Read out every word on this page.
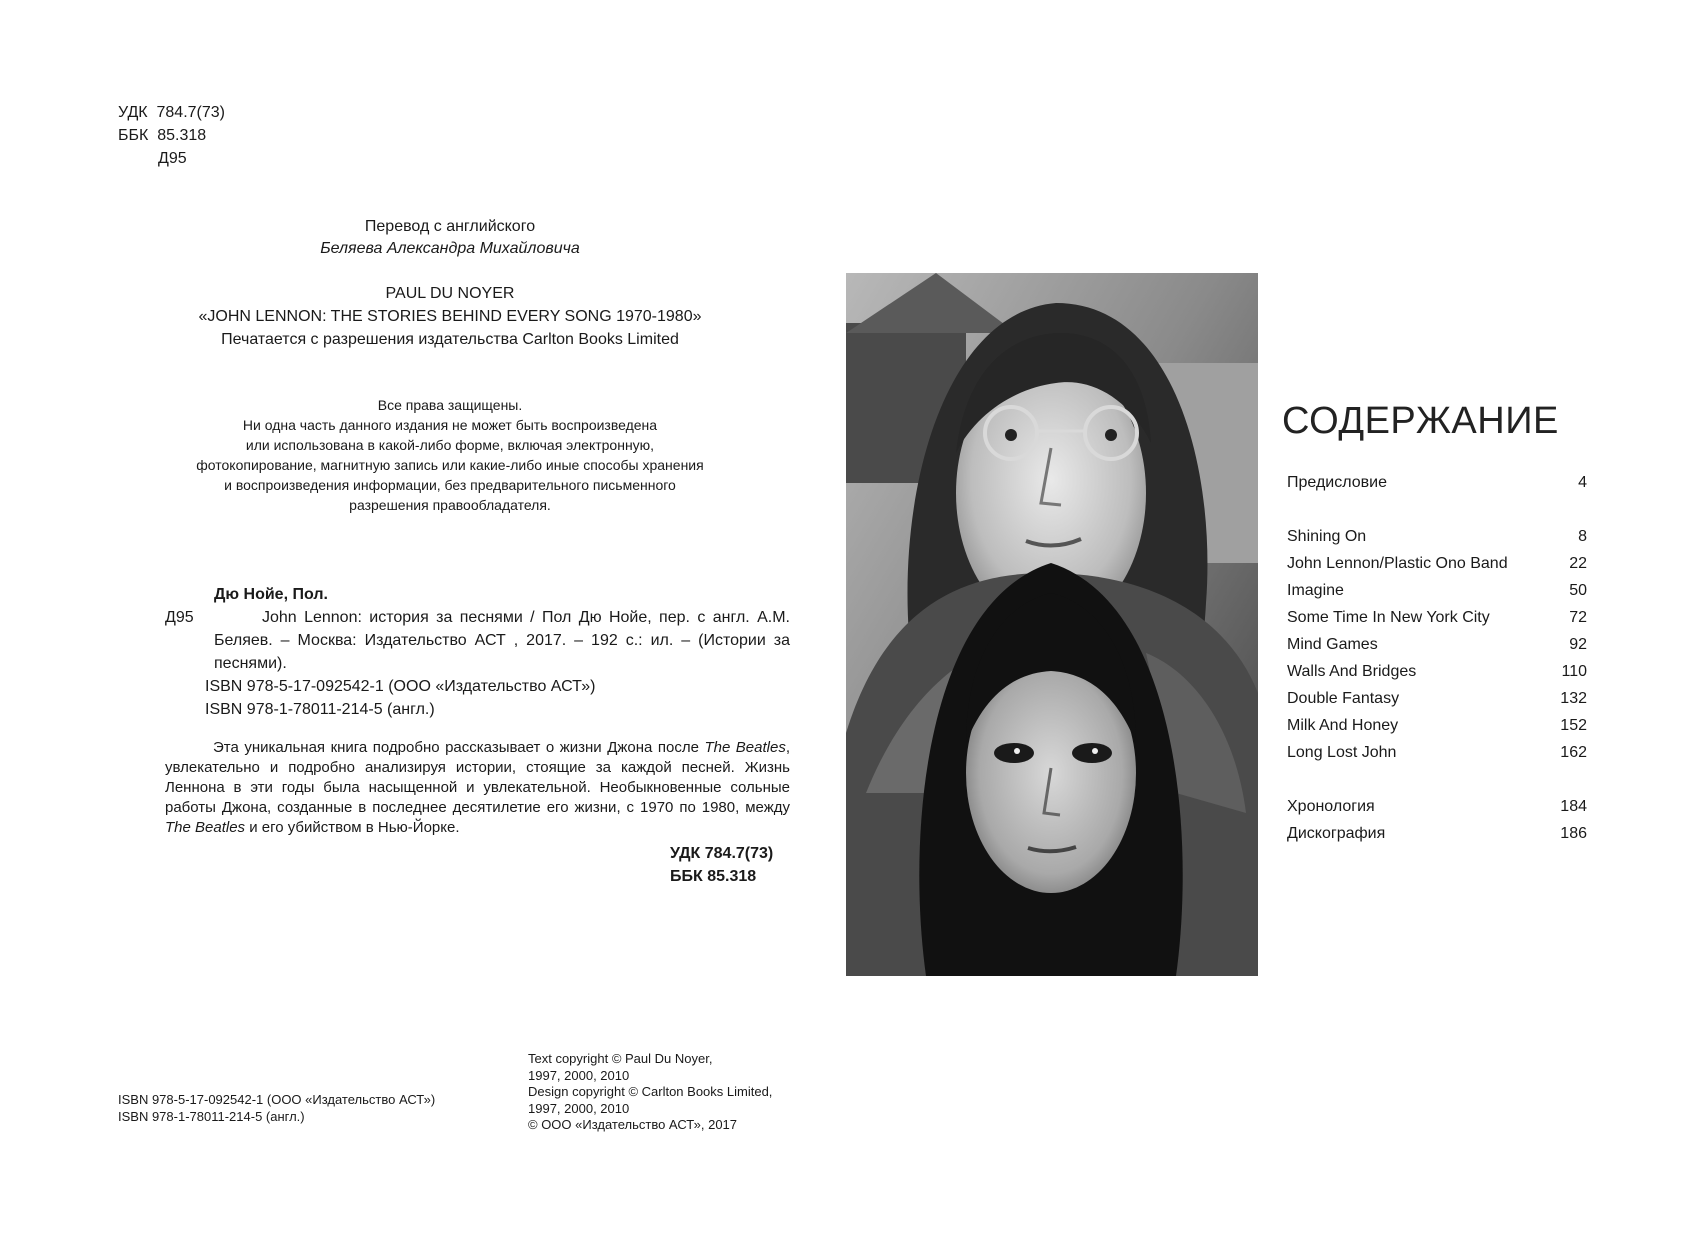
УДК  784.7(73)
ББК  85.318
Д95
Перевод с английского
Беляева Александра Михайловича
PAUL DU NOYER
«JOHN LENNON: THE STORIES BEHIND EVERY SONG 1970-1980»
Печатается с разрешения издательства Carlton Books Limited
Все права защищены.
Ни одна часть данного издания не может быть воспроизведена
или использована в какой-либо форме, включая электронную,
фотокопирование, магнитную запись или какие-либо иные способы хранения
и воспроизведения информации, без предварительного письменного
разрешения правообладателя.
Дю Нойе, Пол.
Д95	John Lennon: история за песнями / Пол Дю Нойе, пер. с англ. А.М. Беляев. – Москва: Издательство АСТ , 2017. – 192 с.: ил. – (Истории за песнями).
ISBN 978-5-17-092542-1 (ООО «Издательство АСТ»)
ISBN 978-1-78011-214-5 (англ.)

Эта уникальная книга подробно рассказывает о жизни Джона после The Beatles, увлекательно и подробно анализируя истории, стоящие за каждой песней. Жизнь Леннона в эти годы была насыщенной и увлекательной. Необыкновенные сольные работы Джона, созданные в последнее десятилетие его жизни, с 1970 по 1980, между The Beatles и его убийством в Нью-Йорке.

УДК 784.7(73)
ББК 85.318
ISBN 978-5-17-092542-1 (ООО «Издательство АСТ»)
ISBN 978-1-78011-214-5 (англ.)
Text copyright © Paul Du Noyer,
1997, 2000, 2010
Design copyright © Carlton Books Limited,
1997, 2000, 2010
© ООО «Издательство АСТ», 2017
СОДЕРЖАНИЕ
Предисловие	4
Shining On	8
John Lennon/Plastic Ono Band	22
Imagine	50
Some Time In New York City	72
Mind Games	92
Walls And Bridges	110
Double Fantasy	132
Milk And Honey	152
Long Lost John	162
Хронология	184
Дискография	186
